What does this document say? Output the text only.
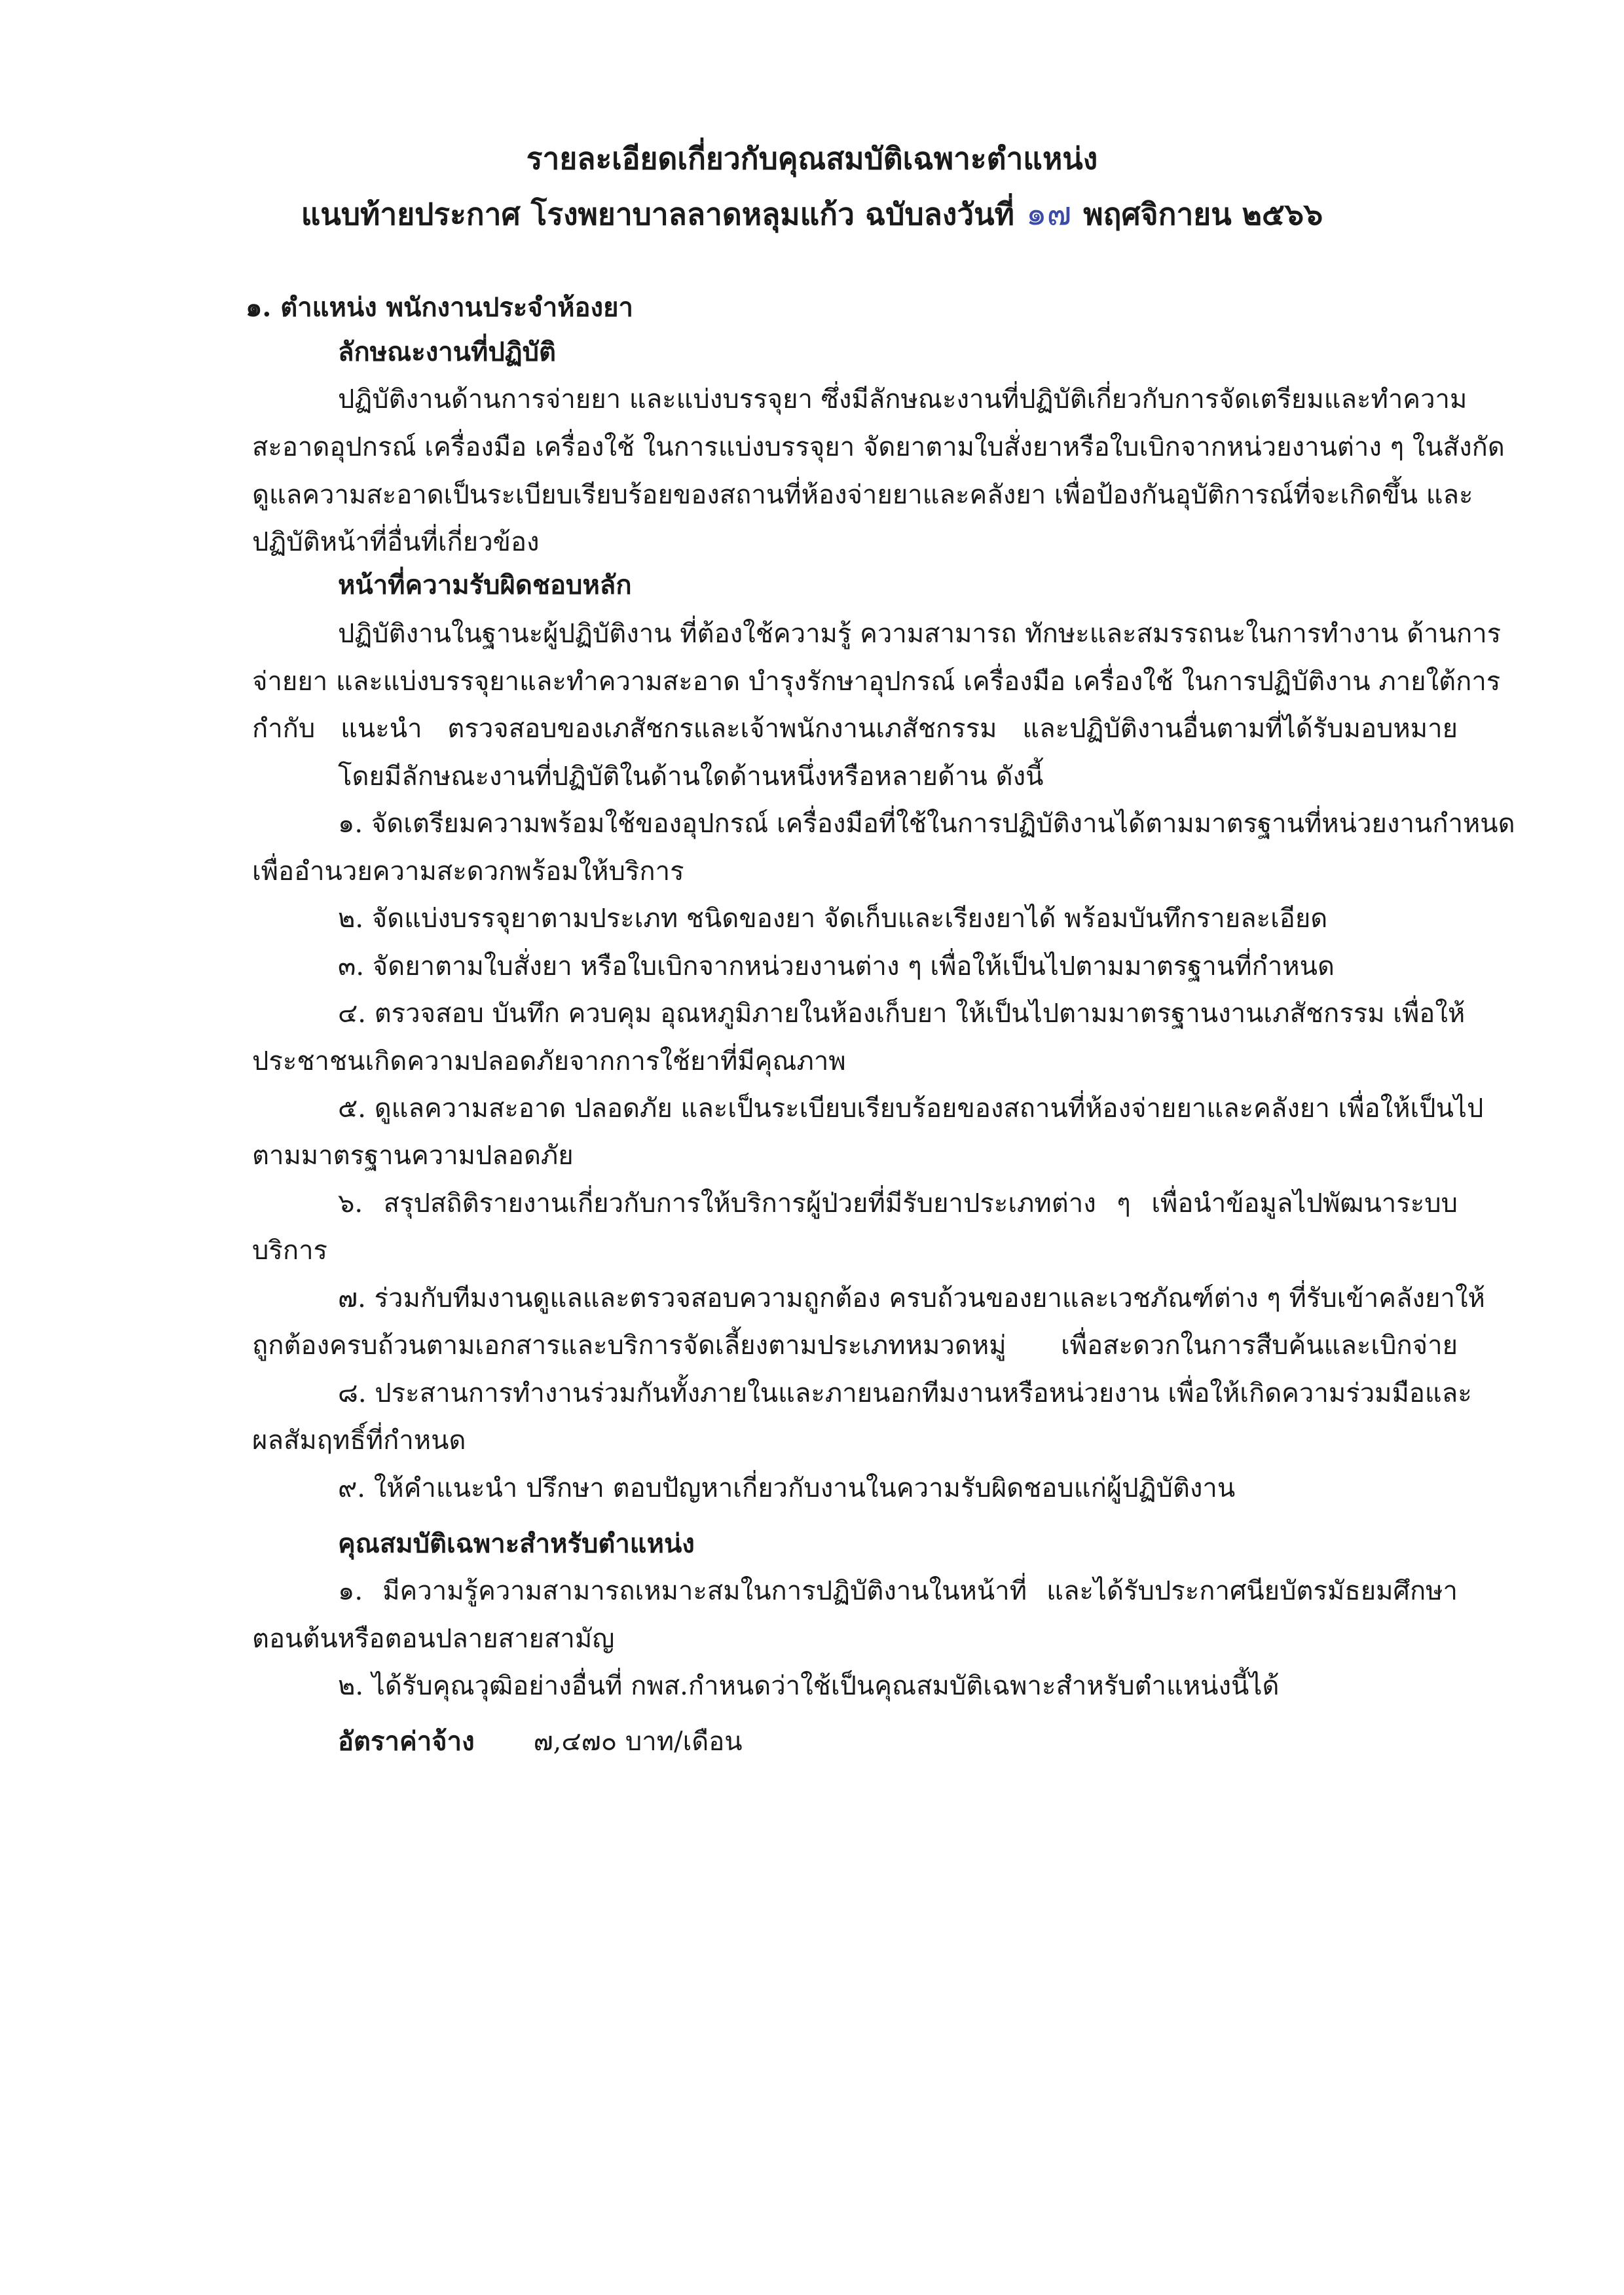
รายละเอียดเกี่ยวกับคุณสมบัติเฉพาะตำแหน่ง
แนบท้ายประกาศ โรงพยาบาลลาดหลุมแก้ว ฉบับลงวันที่ ๑๗ พฤศจิกายน ๒๕๖๖
๑. ตำแหน่ง พนักงานประจำห้องยา
ลักษณะงานที่ปฏิบัติ
ปฏิบัติงานด้านการจ่ายยา และแบ่งบรรจุยา ซึ่งมีลักษณะงานที่ปฏิบัติเกี่ยวกับการจัดเตรียมและทำความ
สะอาดอุปกรณ์ เครื่องมือ เครื่องใช้ ในการแบ่งบรรจุยา จัดยาตามใบสั่งยาหรือใบเบิกจากหน่วยงานต่าง ๆ ในสังกัด
ดูแลความสะอาดเป็นระเบียบเรียบร้อยของสถานที่ห้องจ่ายยาและคลังยา เพื่อป้องกันอุบัติการณ์ที่จะเกิดขึ้น และ
ปฏิบัติหน้าที่อื่นที่เกี่ยวข้อง
หน้าที่ความรับผิดชอบหลัก
ปฏิบัติงานในฐานะผู้ปฏิบัติงาน ที่ต้องใช้ความรู้ ความสามารถ ทักษะและสมรรถนะในการทำงาน ด้านการ
จ่ายยา และแบ่งบรรจุยาและทำความสะอาด บำรุงรักษาอุปกรณ์ เครื่องมือ เครื่องใช้ ในการปฏิบัติงาน ภายใต้การ
กำกับ แนะนำ ตรวจสอบของเภสัชกรและเจ้าพนักงานเภสัชกรรม และปฏิบัติงานอื่นตามที่ได้รับมอบหมาย
โดยมีลักษณะงานที่ปฏิบัติในด้านใดด้านหนึ่งหรือหลายด้าน ดังนี้
๑. จัดเตรียมความพร้อมใช้ของอุปกรณ์ เครื่องมือที่ใช้ในการปฏิบัติงานได้ตามมาตรฐานที่หน่วยงานกำหนด
เพื่ออำนวยความสะดวกพร้อมให้บริการ
๒. จัดแบ่งบรรจุยาตามประเภท ชนิดของยา จัดเก็บและเรียงยาได้ พร้อมบันทึกรายละเอียด
๓. จัดยาตามใบสั่งยา หรือใบเบิกจากหน่วยงานต่าง ๆ เพื่อให้เป็นไปตามมาตรฐานที่กำหนด
๔. ตรวจสอบ บันทึก ควบคุม อุณหภูมิภายในห้องเก็บยา ให้เป็นไปตามมาตรฐานงานเภสัชกรรม เพื่อให้
ประชาชนเกิดความปลอดภัยจากการใช้ยาที่มีคุณภาพ
๕. ดูแลความสะอาด ปลอดภัย และเป็นระเบียบเรียบร้อยของสถานที่ห้องจ่ายยาและคลังยา เพื่อให้เป็นไป
ตามมาตรฐานความปลอดภัย
๖. สรุปสถิติรายงานเกี่ยวกับการให้บริการผู้ป่วยที่มีรับยาประเภทต่าง ๆ เพื่อนำข้อมูลไปพัฒนาระบบ
บริการ
๗. ร่วมกับทีมงานดูแลและตรวจสอบความถูกต้อง ครบถ้วนของยาและเวชภัณฑ์ต่าง ๆ ที่รับเข้าคลังยาให้
ถูกต้องครบถ้วนตามเอกสารและบริการจัดเลี้ยงตามประเภทหมวดหมู่ เพื่อสะดวกในการสืบค้นและเบิกจ่าย
๘. ประสานการทำงานร่วมกันทั้งภายในและภายนอกทีมงานหรือหน่วยงาน เพื่อให้เกิดความร่วมมือและ
ผลสัมฤทธิ์ที่กำหนด
๙. ให้คำแนะนำ ปรึกษา ตอบปัญหาเกี่ยวกับงานในความรับผิดชอบแก่ผู้ปฏิบัติงาน
คุณสมบัติเฉพาะสำหรับตำแหน่ง
๑. มีความรู้ความสามารถเหมาะสมในการปฏิบัติงานในหน้าที่ และได้รับประกาศนียบัตรมัธยมศึกษา
ตอนต้นหรือตอนปลายสายสามัญ
๒. ได้รับคุณวุฒิอย่างอื่นที่ กพส.กำหนดว่าใช้เป็นคุณสมบัติเฉพาะสำหรับตำแหน่งนี้ได้
อัตราค่าจ้าง ๗,๔๗๐ บาท/เดือน
